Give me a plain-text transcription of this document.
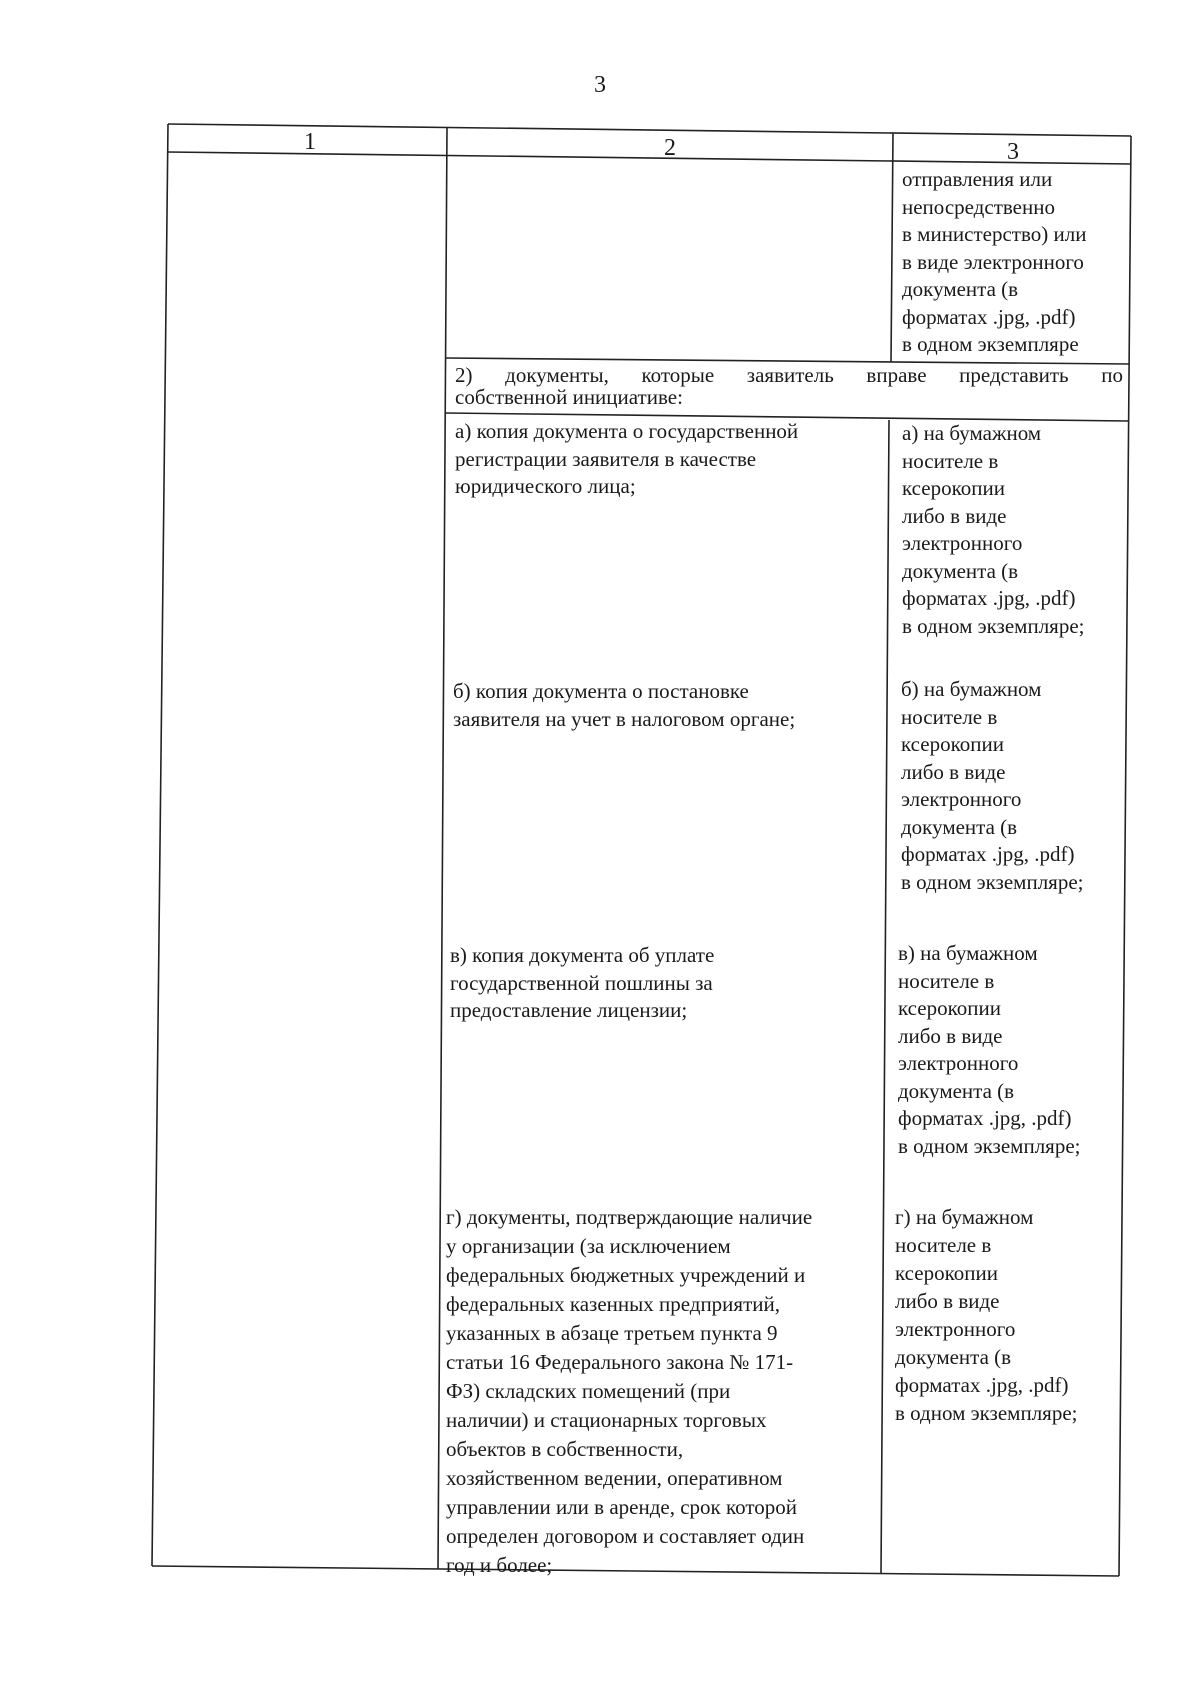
3
1	2	3
отправления или
непосредственно
в министерство) или
в виде электронного
документа (в
форматах .jpg, .pdf)
в одном экземпляре
2) документы, которые заявитель вправе представить по
собственной инициативе:
а) копия документа о государственной
регистрации заявителя в качестве
юридического лица;
а) на бумажном
носителе в
ксерокопии
либо в виде
электронного
документа (в
форматах .jpg, .pdf)
в одном экземпляре;
б) копия документа о постановке
заявителя на учет в налоговом органе;
б) на бумажном
носителе в
ксерокопии
либо в виде
электронного
документа (в
форматах .jpg, .pdf)
в одном экземпляре;
в) копия документа об уплате
государственной пошлины за
предоставление лицензии;
в) на бумажном
носителе в
ксерокопии
либо в виде
электронного
документа (в
форматах .jpg, .pdf)
в одном экземпляре;
г) документы, подтверждающие наличие
у организации (за исключением
федеральных бюджетных учреждений и
федеральных казенных предприятий,
указанных в абзаце третьем пункта 9
статьи 16 Федерального закона № 171-
ФЗ) складских помещений (при
наличии) и стационарных торговых
объектов в собственности,
хозяйственном ведении, оперативном
управлении или в аренде, срок которой
определен договором и составляет один
год и более;
г) на бумажном
носителе в
ксерокопии
либо в виде
электронного
документа (в
форматах .jpg, .pdf)
в одном экземпляре;
